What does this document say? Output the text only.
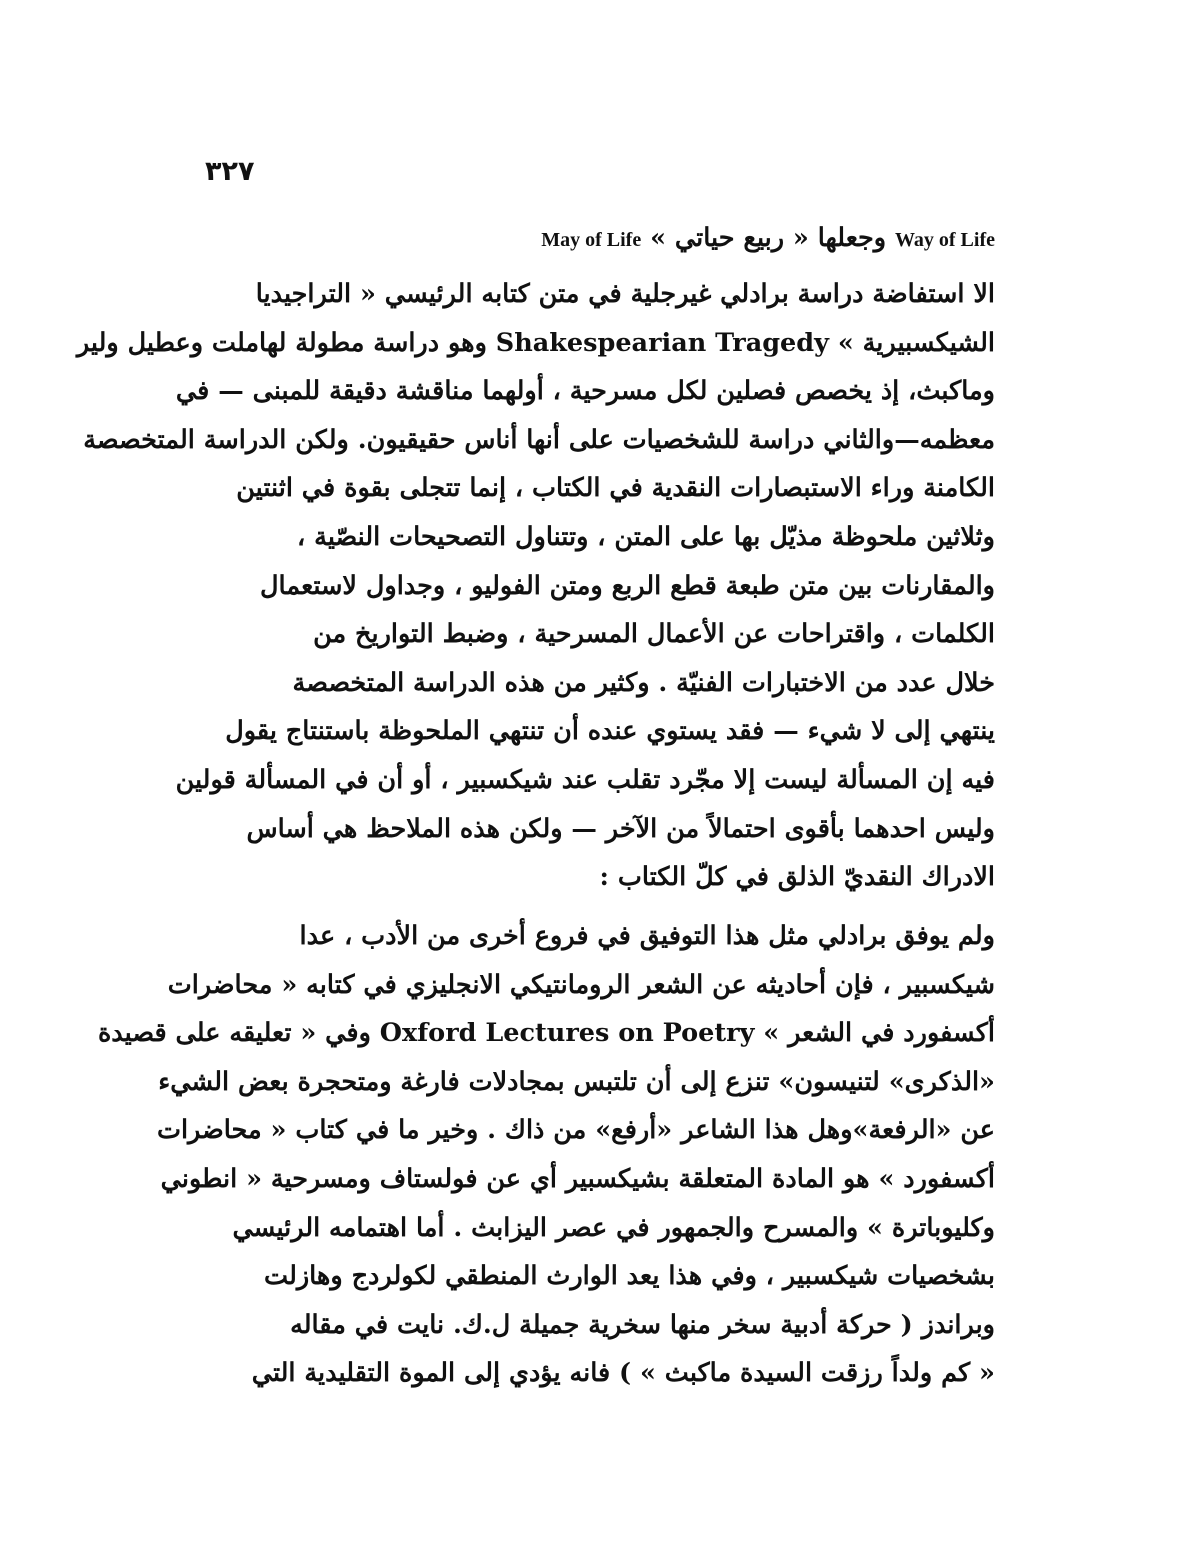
٣٢٧
Way of Life وجعلها « ربيع حياتي » May of Life
الا استفاضة دراسة برادلي غيرجلية في متن كتابه الرئيسي « التراجيديا
الشيكسبيرية » Shakespearian Tragedy وهو دراسة مطولة لهاملت وعطيل ولير
وماكبث، إذ يخصص فصلين لكل مسرحية ، أولهما مناقشة دقيقة للمبنى — في
معظمه—والثاني دراسة للشخصيات على أنها أناس حقيقيون. ولكن الدراسة المتخصصة
الكامنة وراء الاستبصارات النقدية في الكتاب ، إنما تتجلى بقوة في اثنتين
وثلاثين ملحوظة مذيّل بها على المتن ، وتتناول التصحيحات النصّية ،
والمقارنات بين متن طبعة قطع الربع ومتن الفوليو ، وجداول لاستعمال
الكلمات ، واقتراحات عن الأعمال المسرحية ، وضبط التواريخ من
خلال عدد من الاختبارات الفنيّة . وكثير من هذه الدراسة المتخصصة
ينتهي إلى لا شيء — فقد يستوي عنده أن تنتهي الملحوظة باستنتاج يقول
فيه إن المسألة ليست إلا مجّرد تقلب عند شيكسبير ، أو أن في المسألة قولين
وليس احدهما بأقوى احتمالاً من الآخر — ولكن هذه الملاحظ هي أساس
الادراك النقديّ الذلق في كلّ الكتاب :
ولم يوفق برادلي مثل هذا التوفيق في فروع أخرى من الأدب ، عدا
شيكسبير ، فإن أحاديثه عن الشعر الرومانتيكي الانجليزي في كتابه « محاضرات
أكسفورد في الشعر » Oxford Lectures on Poetry وفي « تعليقه على قصيدة
«الذكرى» لتنيسون» تنزع إلى أن تلتبس بمجادلات فارغة ومتحجرة بعض الشيء
عن «الرفعة»وهل هذا الشاعر «أرفع» من ذاك . وخير ما في كتاب « محاضرات
أكسفورد » هو المادة المتعلقة بشيكسبير أي عن فولستاف ومسرحية « انطوني
وكليوباترة » والمسرح والجمهور في عصر اليزابث . أما اهتمامه الرئيسي
بشخصيات شيكسبير ، وفي هذا يعد الوارث المنطقي لكولردج وهازلت
وبراندز ( حركة أدبية سخر منها سخرية جميلة ل.ك. نايت في مقاله
« كم ولداً رزقت السيدة ماكبث » ) فانه يؤدي إلى الموة التقليدية التي
